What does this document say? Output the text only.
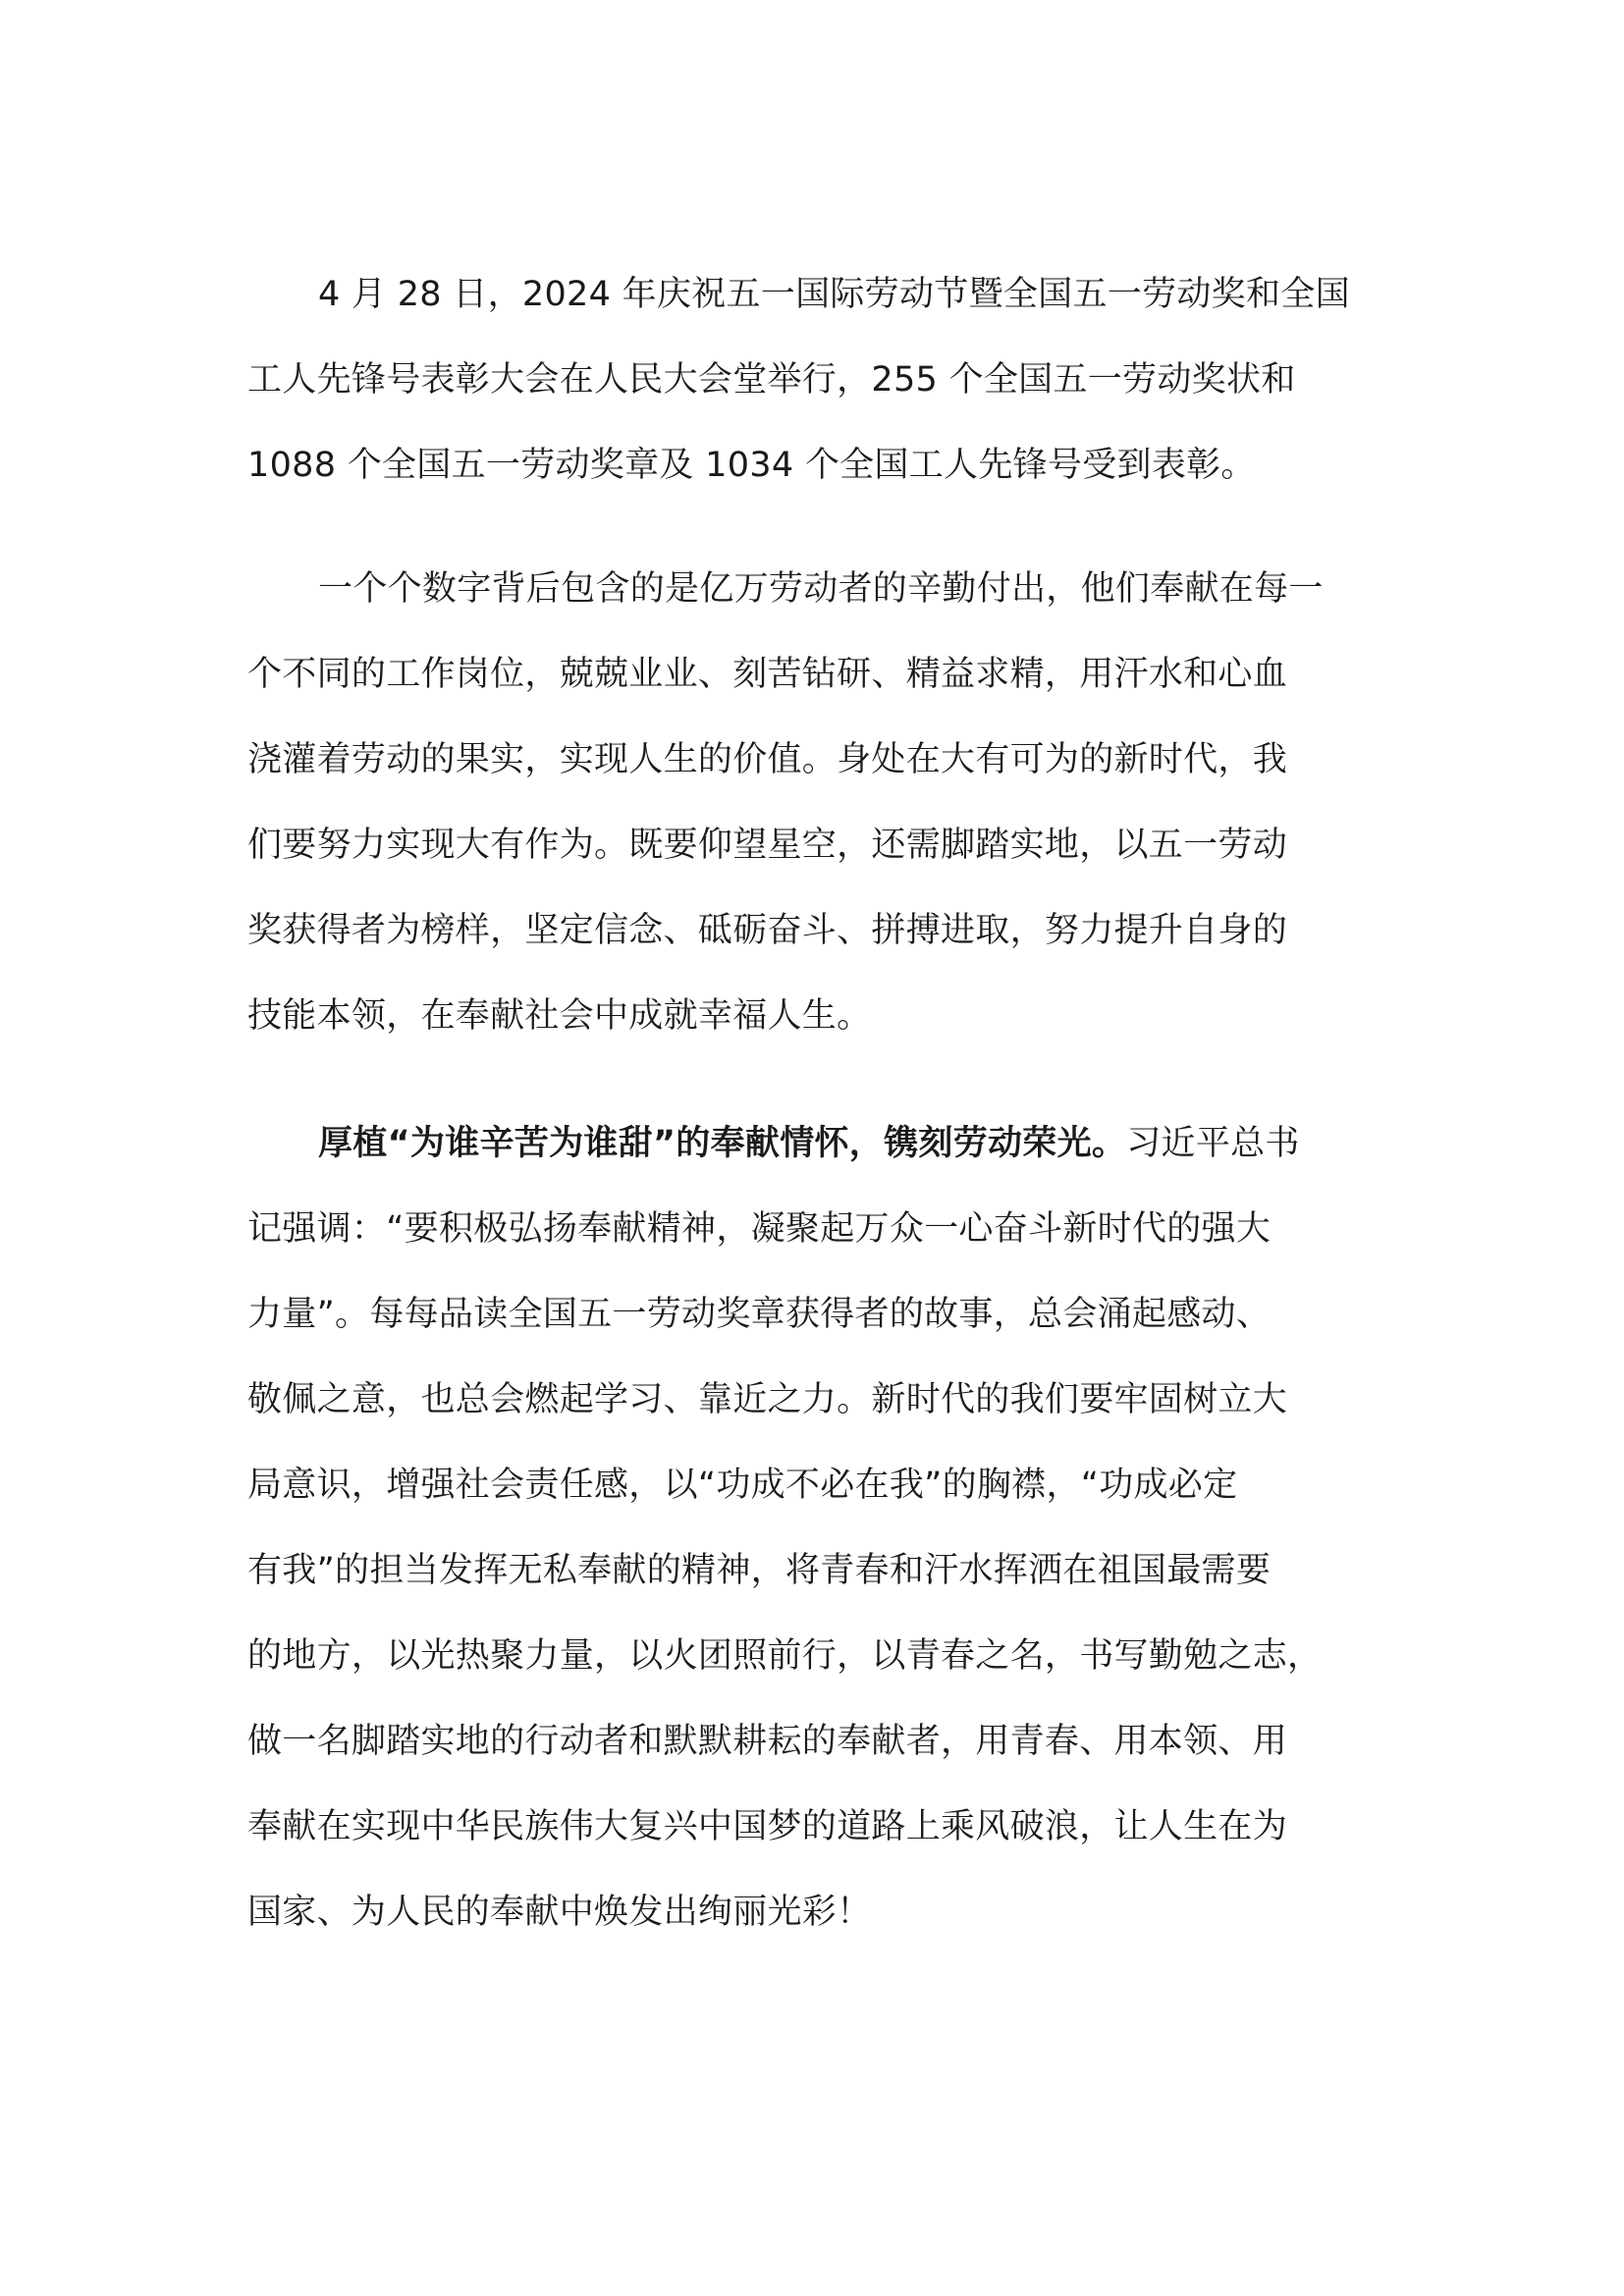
4 月 28 日，2024 年庆祝五一国际劳动节暨全国五一劳动奖和全国
工人先锋号表彰大会在人民大会堂举行，255 个全国五一劳动奖状和
1088 个全国五一劳动奖章及 1034 个全国工人先锋号受到表彰。
一个个数字背后包含的是亿万劳动者的辛勤付出，他们奉献在每一
个不同的工作岗位，兢兢业业、刻苦钻研、精益求精，用汗水和心血
浇灌着劳动的果实，实现人生的价值。身处在大有可为的新时代，我
们要努力实现大有作为。既要仰望星空，还需脚踏实地，以五一劳动
奖获得者为榜样，坚定信念、砥砺奋斗、拼搏进取，努力提升自身的
技能本领，在奉献社会中成就幸福人生。
厚植“为谁辛苦为谁甜”的奉献情怀，镌刻劳动荣光。习近平总书
记强调：“要积极弘扬奉献精神，凝聚起万众一心奋斗新时代的强大
力量”。每每品读全国五一劳动奖章获得者的故事，总会涌起感动、
敬佩之意，也总会燃起学习、靠近之力。新时代的我们要牢固树立大
局意识，增强社会责任感，以“功成不必在我”的胸襟，“功成必定
有我”的担当发挥无私奉献的精神，将青春和汗水挥洒在祖国最需要
的地方，以光热聚力量，以火团照前行，以青春之名，书写勤勉之志，
做一名脚踏实地的行动者和默默耕耘的奉献者，用青春、用本领、用
奉献在实现中华民族伟大复兴中国梦的道路上乘风破浪，让人生在为
国家、为人民的奉献中焕发出绚丽光彩！
